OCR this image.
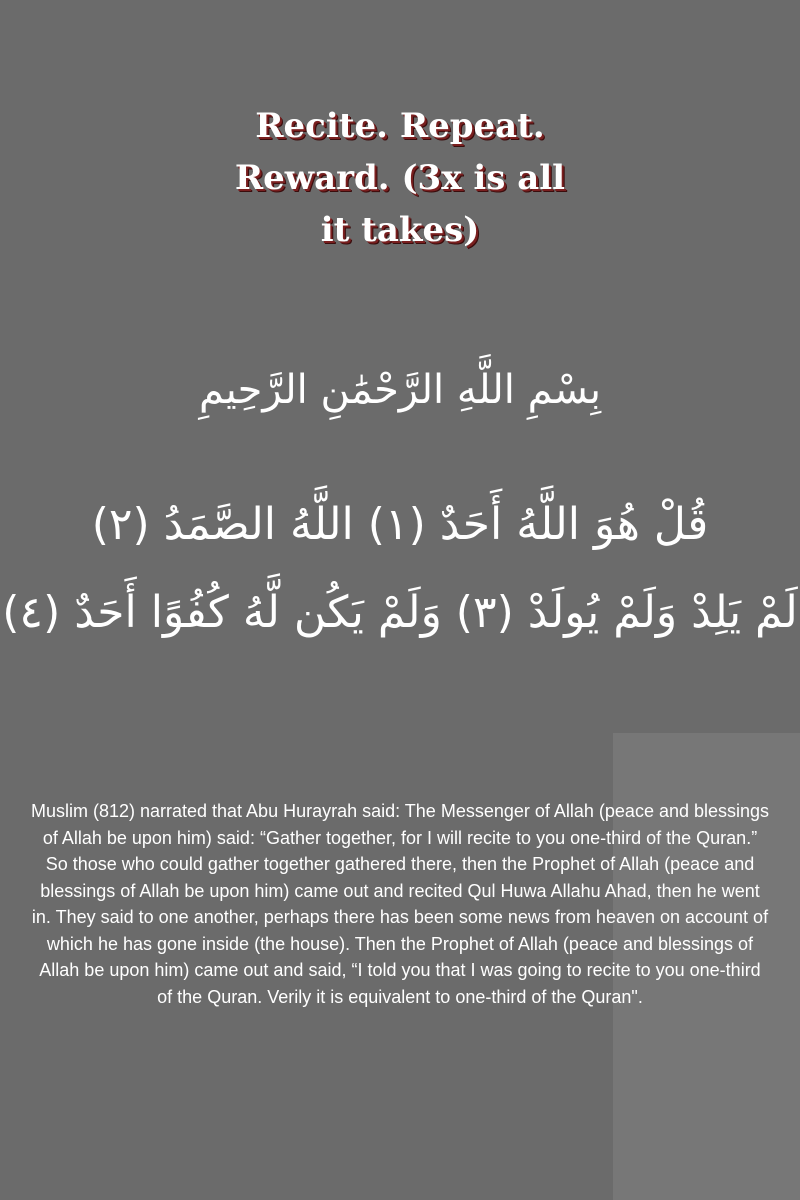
Recite. Repeat.
Reward. (3x is all
it takes)
بِسْمِ اللَّهِ الرَّحْمَٰنِ الرَّحِيمِ
قُلْ هُوَ اللَّهُ أَحَدٌ (١) اللَّهُ الصَّمَدُ (٢)
لَمْ يَلِدْ وَلَمْ يُولَدْ (٣) وَلَمْ يَكُن لَّهُ كُفُوًا أَحَدٌ (٤)

Muslim (812) narrated that Abu Hurayrah said: The Messenger of Allah (peace and blessings of Allah be upon him) said: “Gather together, for I will recite to you one-third of the Quran.” So those who could gather together gathered there, then the Prophet of Allah (peace and blessings of Allah be upon him) came out and recited Qul Huwa Allahu Ahad, then he went in. They said to one another, perhaps there has been some news from heaven on account of which he has gone inside (the house). Then the Prophet of Allah (peace and blessings of Allah be upon him) came out and said, “I told you that I was going to recite to you one-third of the Quran. Verily it is equivalent to one-third of the Quran".
